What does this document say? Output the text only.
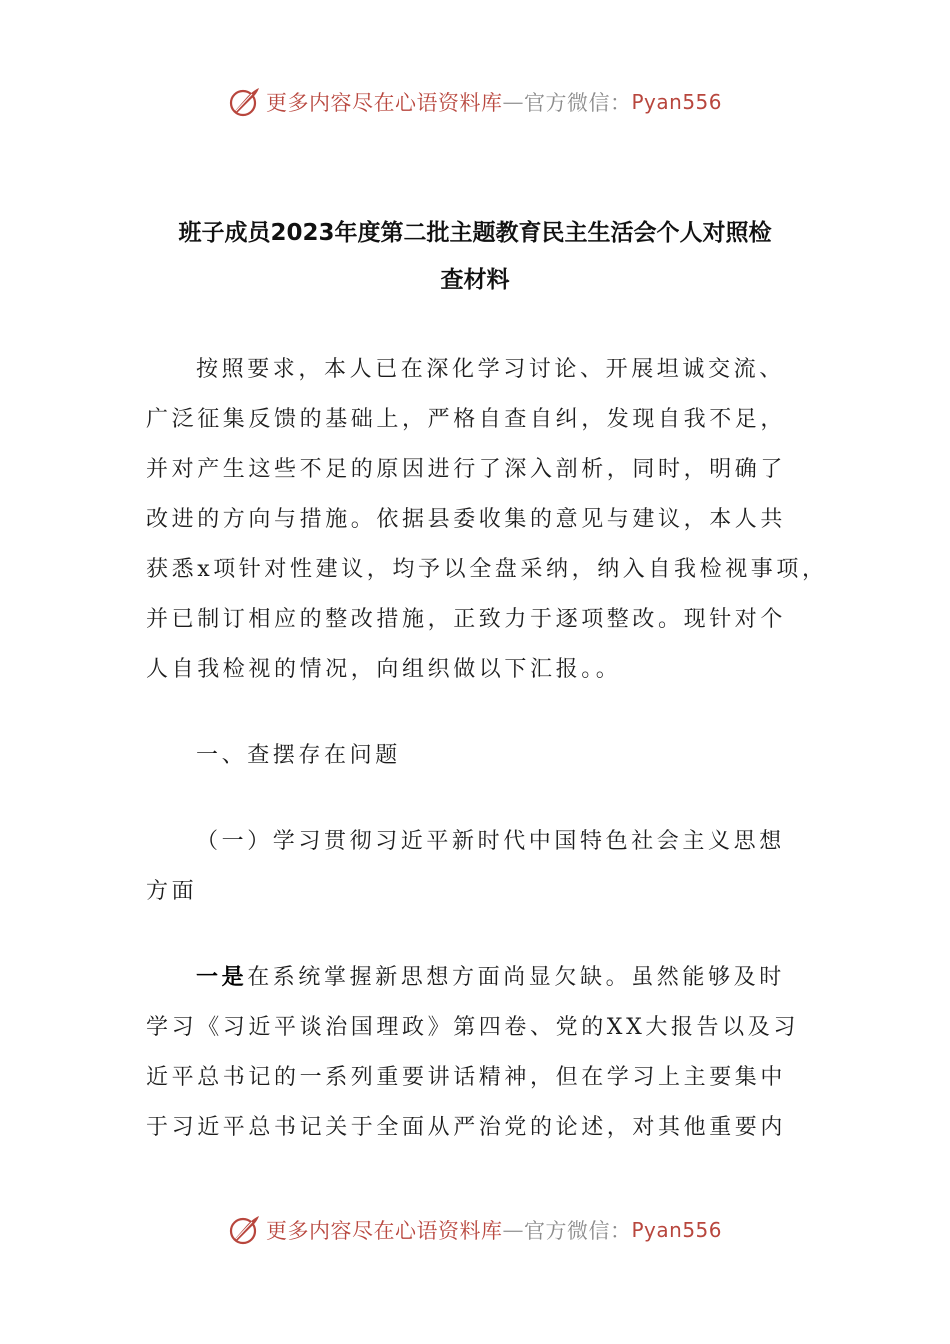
更多内容尽在心语资料库 — 官方微信： Pyan556
班子成员2023年度第二批主题教育民主生活会个人对照检
查材料
按照要求，本人已在深化学习讨论、开展坦诚交流、
广泛征集反馈的基础上，严格自查自纠，发现自我不足，
并对产生这些不足的原因进行了深入剖析，同时，明确了
改进的方向与措施。依据县委收集的意见与建议，本人共
获悉x项针对性建议，均予以全盘采纳，纳入自我检视事项，
并已制订相应的整改措施，正致力于逐项整改。现针对个
人自我检视的情况，向组织做以下汇报。。
一、查摆存在问题
（一）学习贯彻习近平新时代中国特色社会主义思想
方面
一是在系统掌握新思想方面尚显欠缺。虽然能够及时
学习《习近平谈治国理政》第四卷、党的XX大报告以及习
近平总书记的一系列重要讲话精神，但在学习上主要集中
于习近平总书记关于全面从严治党的论述，对其他重要内
更多内容尽在心语资料库 — 官方微信： Pyan556
